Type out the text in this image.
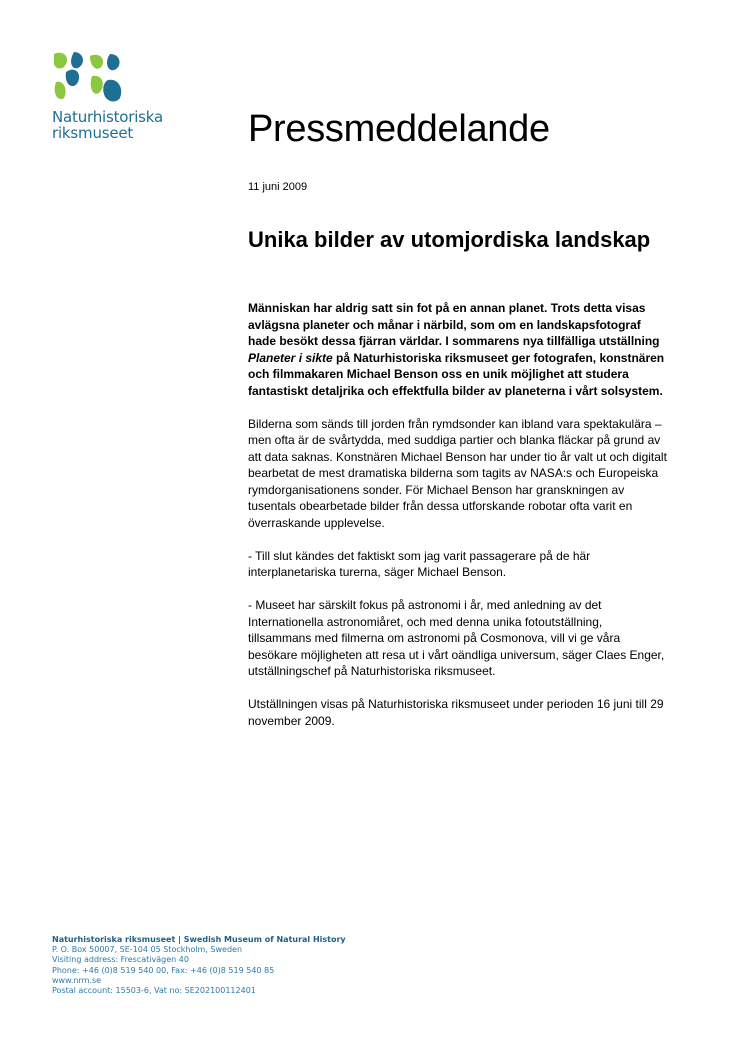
Naturhistoriska
riksmuseet	Pressmeddelande
11 juni 2009
Unika bilder av utomjordiska landskap

Människan har aldrig satt sin fot på en annan planet. Trots detta visas avlägsna planeter och månar i närbild, som om en landskapsfotograf hade besökt dessa fjärran världar. I sommarens nya tillfälliga utställning Planeter i sikte på Naturhistoriska riksmuseet ger fotografen, konstnären och filmmakaren Michael Benson oss en unik möjlighet att studera fantastiskt detaljrika och effektfulla bilder av planeterna i vårt solsystem.

Bilderna som sänds till jorden från rymdsonder kan ibland vara spektakulära – men ofta är de svårtydda, med suddiga partier och blanka fläckar på grund av att data saknas. Konstnären Michael Benson har under tio år valt ut och digitalt bearbetat de mest dramatiska bilderna som tagits av NASA:s och Europeiska rymdorganisationens sonder. För Michael Benson har granskningen av tusentals obearbetade bilder från dessa utforskande robotar ofta varit en överraskande upplevelse.

- Till slut kändes det faktiskt som jag varit passagerare på de här interplanetariska turerna, säger Michael Benson.

- Museet har särskilt fokus på astronomi i år, med anledning av det Internationella astronomiåret, och med denna unika fotoutställning, tillsammans med filmerna om astronomi på Cosmonova, vill vi ge våra besökare möjligheten att resa ut i vårt oändliga universum, säger Claes Enger, utställningschef på Naturhistoriska riksmuseet.

Utställningen visas på Naturhistoriska riksmuseet under perioden 16 juni till 29 november 2009.

Naturhistoriska riksmuseet | Swedish Museum of Natural History
P. O. Box 50007, SE-104 05 Stockholm, Sweden
Visiting address: Frescativägen 40
Phone: +46 (0)8 519 540 00, Fax: +46 (0)8 519 540 85
www.nrm.se
Postal account: 15503-6, Vat no: SE202100112401
